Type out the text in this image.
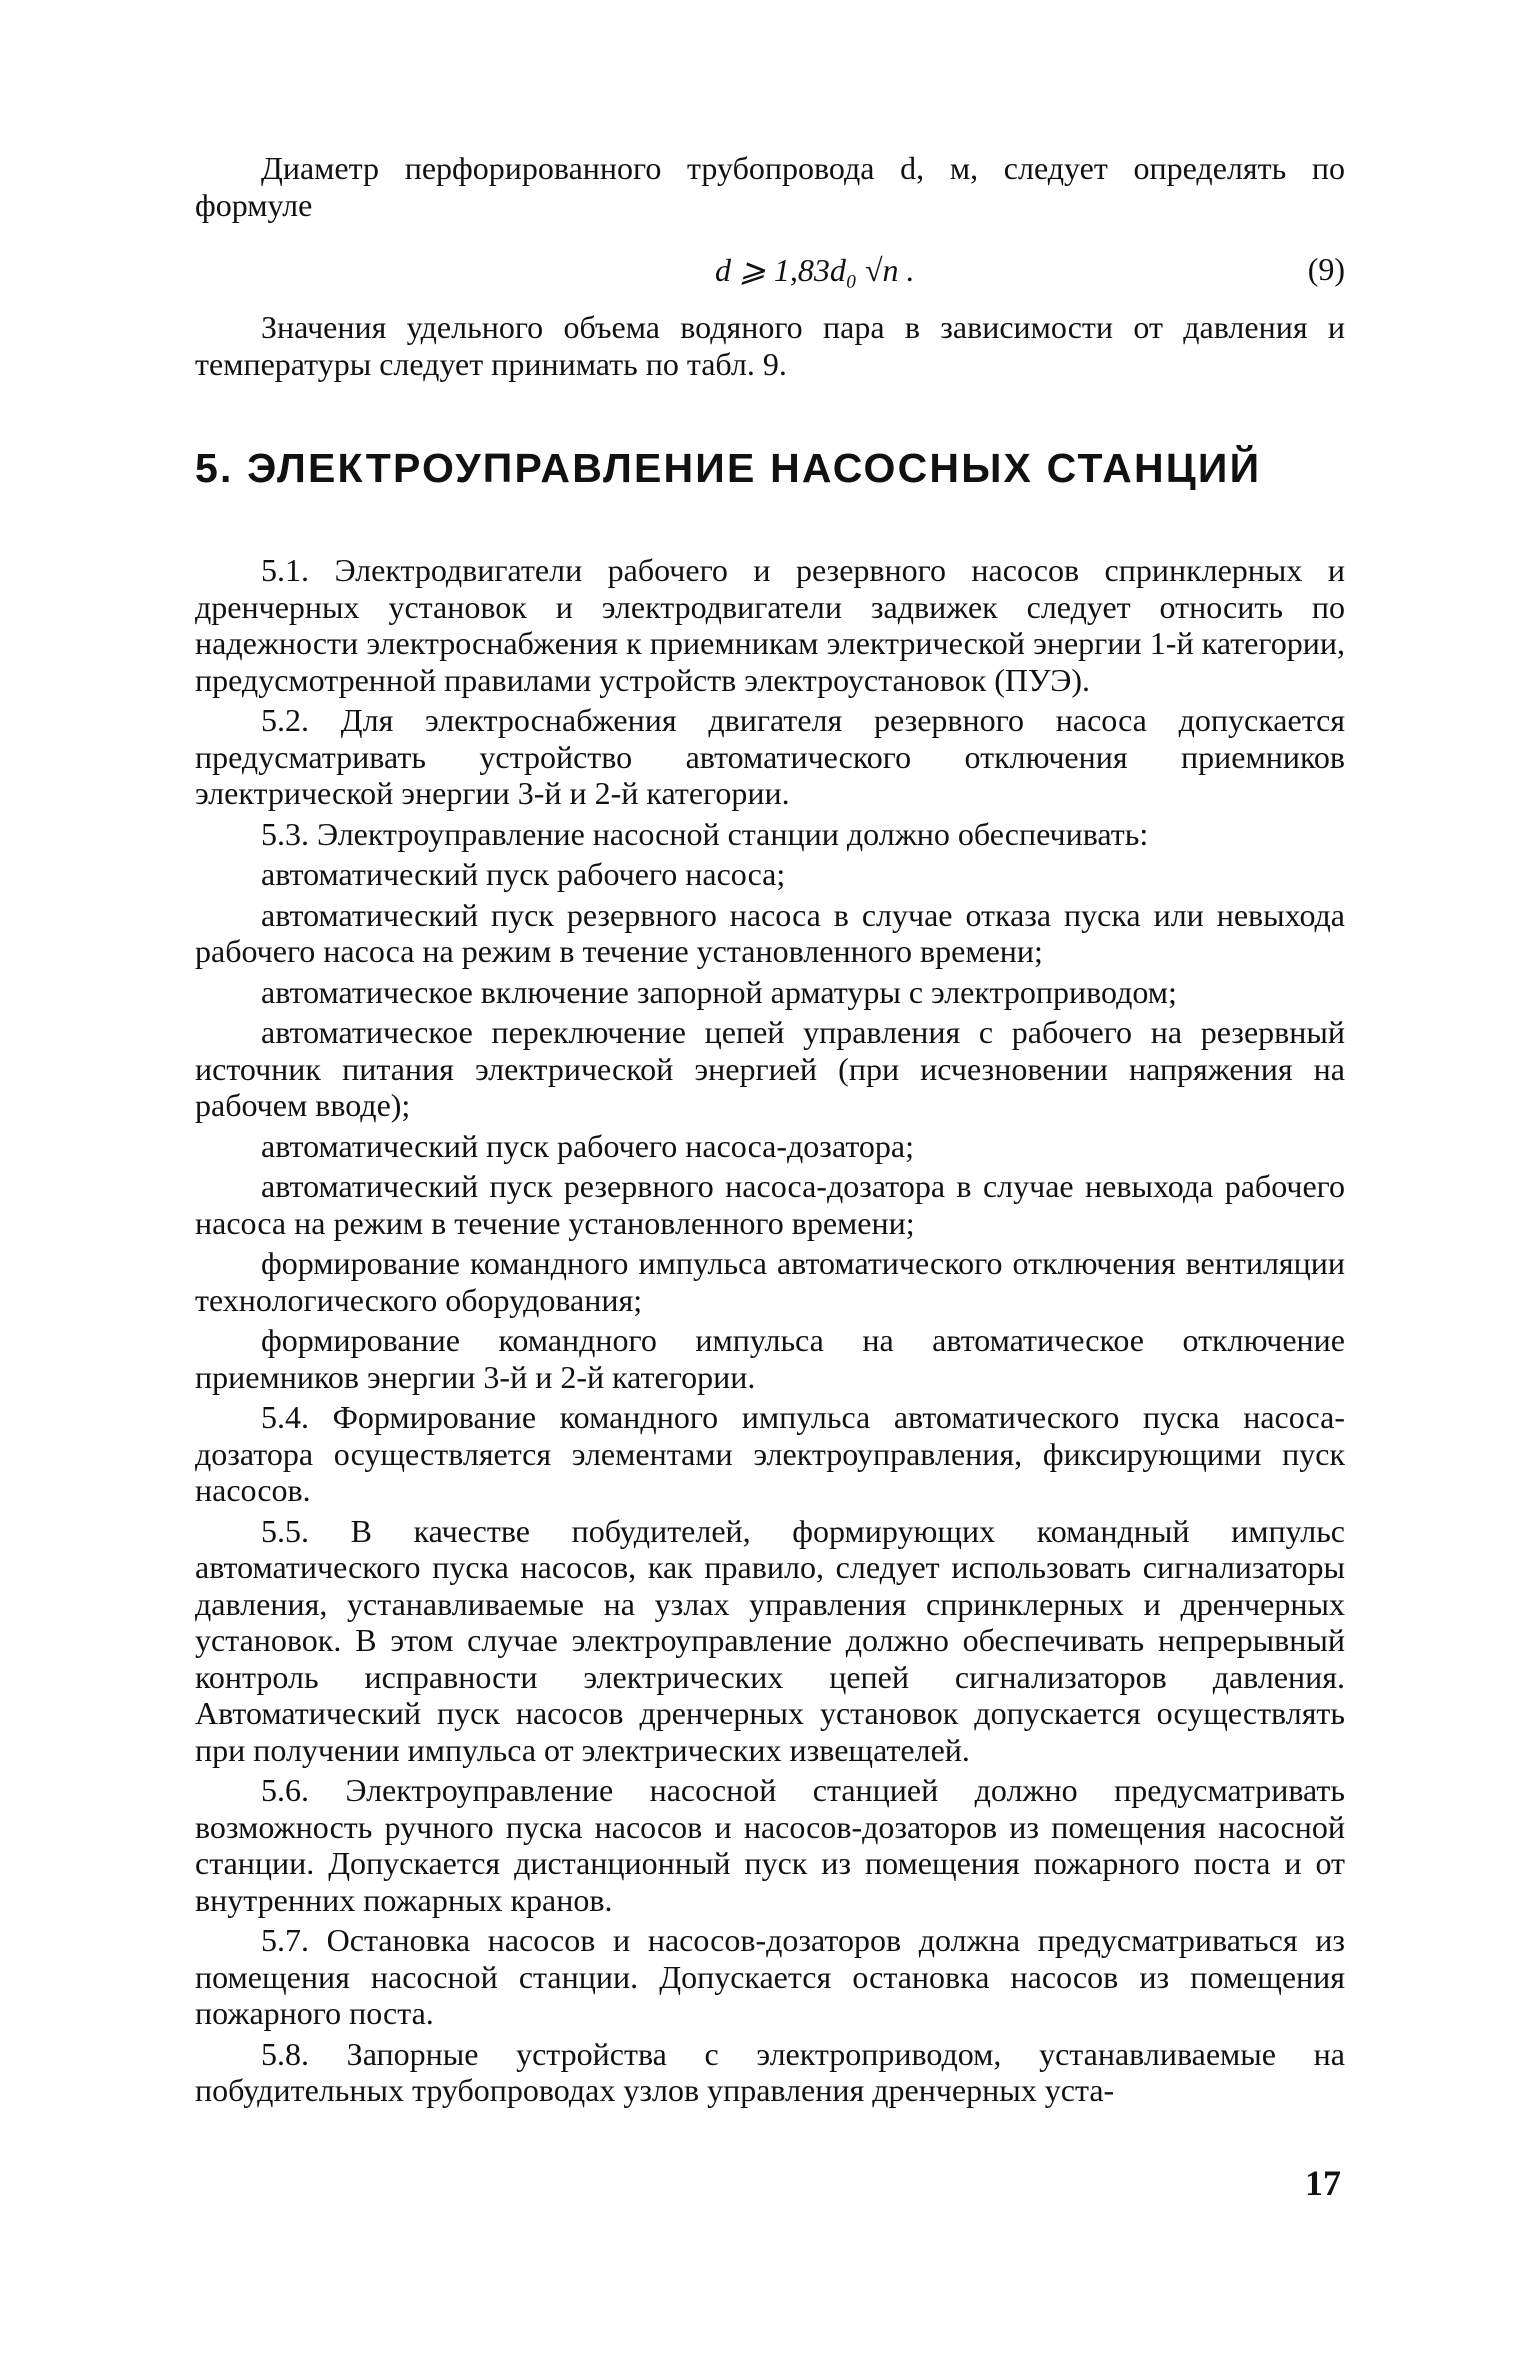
Диаметр перфорированного трубопровода d, м, следует определять по формуле

d ⩾ 1,83d₀ √n .	(9)

Значения удельного объема водяного пара в зависимости от давления и температуры следует принимать по табл. 9.

5. ЭЛЕКТРОУПРАВЛЕНИЕ НАСОСНЫХ СТАНЦИЙ

5.1. Электродвигатели рабочего и резервного насосов спринклерных и дренчерных установок и электродвигатели задвижек следует относить по надежности электроснабжения к приемникам электрической энергии 1-й категории, предусмотренной правилами устройств электроустановок (ПУЭ).

5.2. Для электроснабжения двигателя резервного насоса допускается предусматривать устройство автоматического отключения приемников электрической энергии 3-й и 2-й категории.

5.3. Электроуправление насосной станции должно обеспечивать:

автоматический пуск рабочего насоса;

автоматический пуск резервного насоса в случае отказа пуска или невыхода рабочего насоса на режим в течение установленного времени;

автоматическое включение запорной арматуры с электроприводом;

автоматическое переключение цепей управления с рабочего на резервный источник питания электрической энергией (при исчезновении напряжения на рабочем вводе);

автоматический пуск рабочего насоса-дозатора;

автоматический пуск резервного насоса-дозатора в случае невыхода рабочего насоса на режим в течение установленного времени;

формирование командного импульса автоматического отключения вентиляции технологического оборудования;

формирование командного импульса на автоматическое отключение приемников энергии 3-й и 2-й категории.

5.4. Формирование командного импульса автоматического пуска насоса-дозатора осуществляется элементами электроуправления, фиксирующими пуск насосов.

5.5. В качестве побудителей, формирующих командный импульс автоматического пуска насосов, как правило, следует использовать сигнализаторы давления, устанавливаемые на узлах управления спринклерных и дренчерных установок. В этом случае электроуправление должно обеспечивать непрерывный контроль исправности электрических цепей сигнализаторов давления. Автоматический пуск насосов дренчерных установок допускается осуществлять при получении импульса от электрических извещателей.

5.6. Электроуправление насосной станцией должно предусматривать возможность ручного пуска насосов и насосов-дозаторов из помещения насосной станции. Допускается дистанционный пуск из помещения пожарного поста и от внутренних пожарных кранов.

5.7. Остановка насосов и насосов-дозаторов должна предусматриваться из помещения насосной станции. Допускается остановка насосов из помещения пожарного поста.

5.8. Запорные устройства с электроприводом, устанавливаемые на побудительных трубопроводах узлов управления дренчерных уста-

17
